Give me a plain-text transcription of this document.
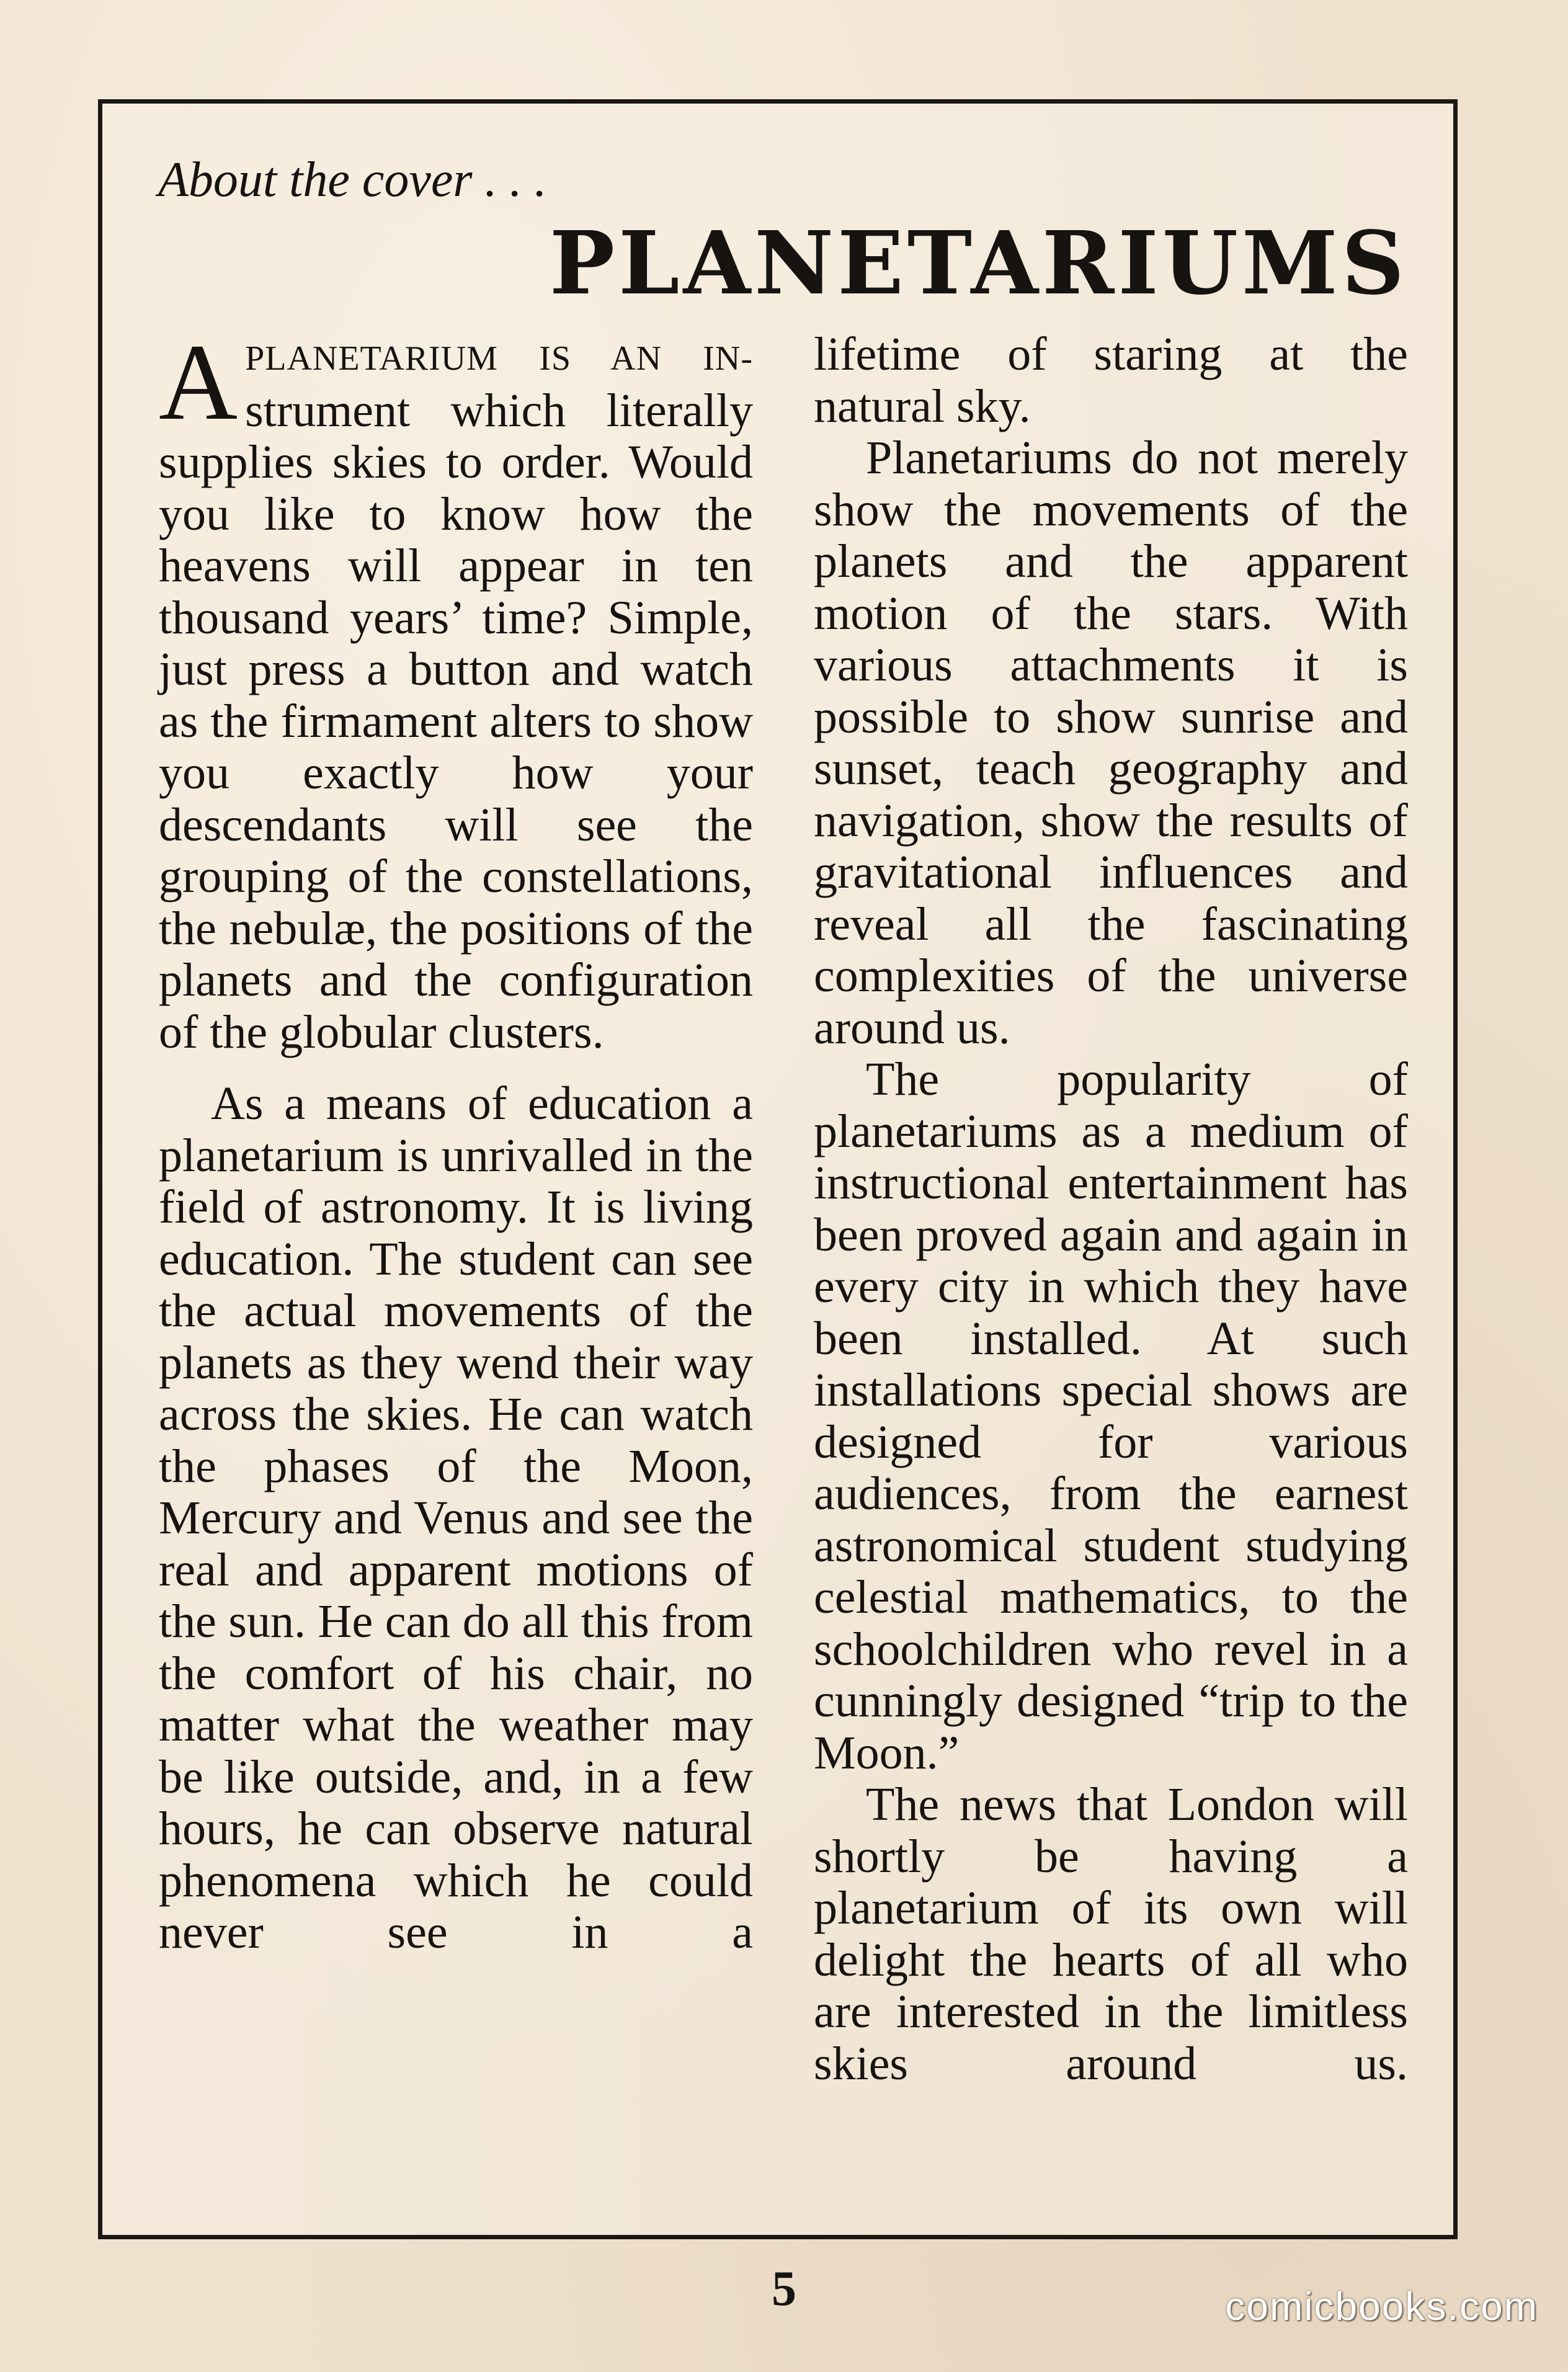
About the cover . . .
PLANETARIUMS

APLANETARIUM IS AN IN- strument which literally supplies skies to order. Would you like to know how the heavens will appear in ten thousand years’ time? Simple, just press a button and watch as the firmament alters to show you exactly how your descendants will see the grouping of the constellations, the nebulæ, the positions of the planets and the configuration of the globular clusters.

As a means of education a planetarium is unrivalled in the field of astronomy. It is living education. The student can see the actual movements of the planets as they wend their way across the skies. He can watch the phases of the Moon, Mercury and Venus and see the real and apparent motions of the sun. He can do all this from the comfort of his chair, no matter what the weather may be like outside, and, in a few hours, he can observe natural phenomena which he could never see in a

lifetime of staring at the natural sky.

Planetariums do not merely show the movements of the planets and the apparent motion of the stars. With various attachments it is possible to show sunrise and sunset, teach geography and navigation, show the results of gravitational influences and reveal all the fascinating complexities of the universe around us.

The popularity of planetariums as a medium of instructional entertainment has been proved again and again in every city in which they have been installed. At such installations special shows are designed for various audiences, from the earnest astronomical student studying celestial mathematics, to the schoolchildren who revel in a cunningly designed “trip to the Moon.”

The news that London will shortly be having a planetarium of its own will delight the hearts of all who are interested in the limitless skies around us.

5	comicbooks.com
